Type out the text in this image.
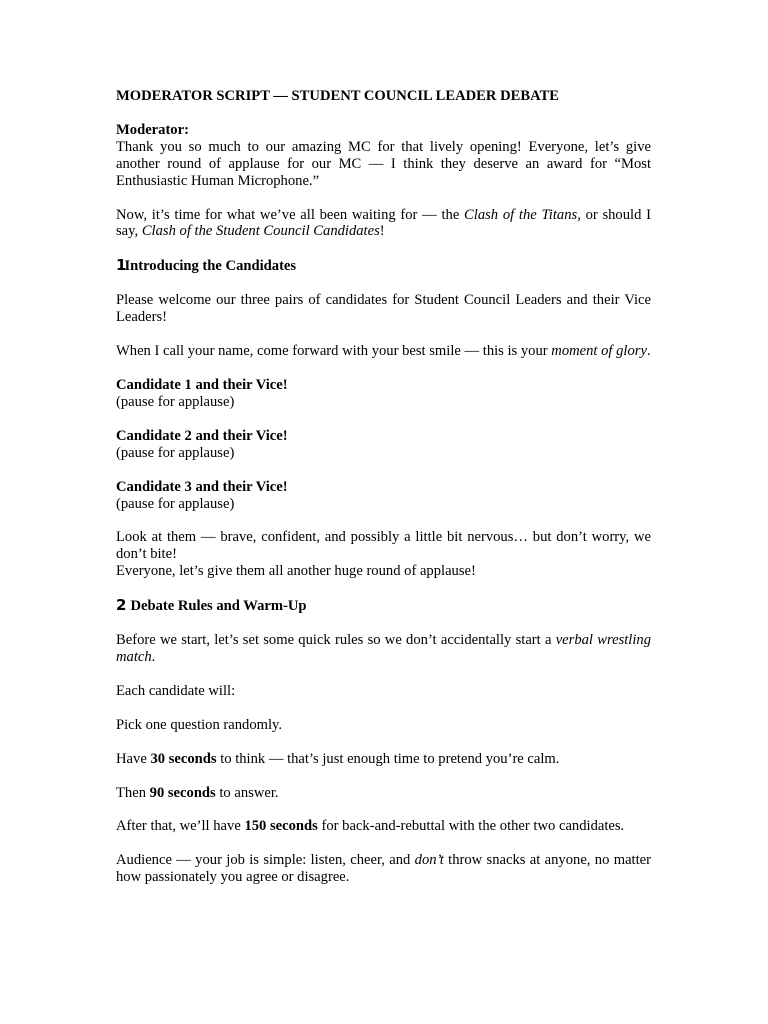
MODERATOR SCRIPT — STUDENT COUNCIL LEADER DEBATE

Moderator:
Thank you so much to our amazing MC for that lively opening! Everyone, let’s give another round of applause for our MC — I think they deserve an award for “Most Enthusiastic Human Microphone.”

Now, it’s time for what we’ve all been waiting for — the Clash of the Titans, or should I say, Clash of the Student Council Candidates!

1Introducing the Candidates

Please welcome our three pairs of candidates for Student Council Leaders and their Vice Leaders!

When I call your name, come forward with your best smile — this is your moment of glory.

Candidate 1 and their Vice!
(pause for applause)

Candidate 2 and their Vice!
(pause for applause)

Candidate 3 and their Vice!
(pause for applause)

Look at them — brave, confident, and possibly a little bit nervous… but don’t worry, we don’t bite!
Everyone, let’s give them all another huge round of applause!

2 Debate Rules and Warm-Up

Before we start, let’s set some quick rules so we don’t accidentally start a verbal wrestling match.

Each candidate will:

Pick one question randomly.

Have 30 seconds to think — that’s just enough time to pretend you’re calm.

Then 90 seconds to answer.

After that, we’ll have 150 seconds for back-and-rebuttal with the other two candidates.

Audience — your job is simple: listen, cheer, and don’t throw snacks at anyone, no matter how passionately you agree or disagree.
